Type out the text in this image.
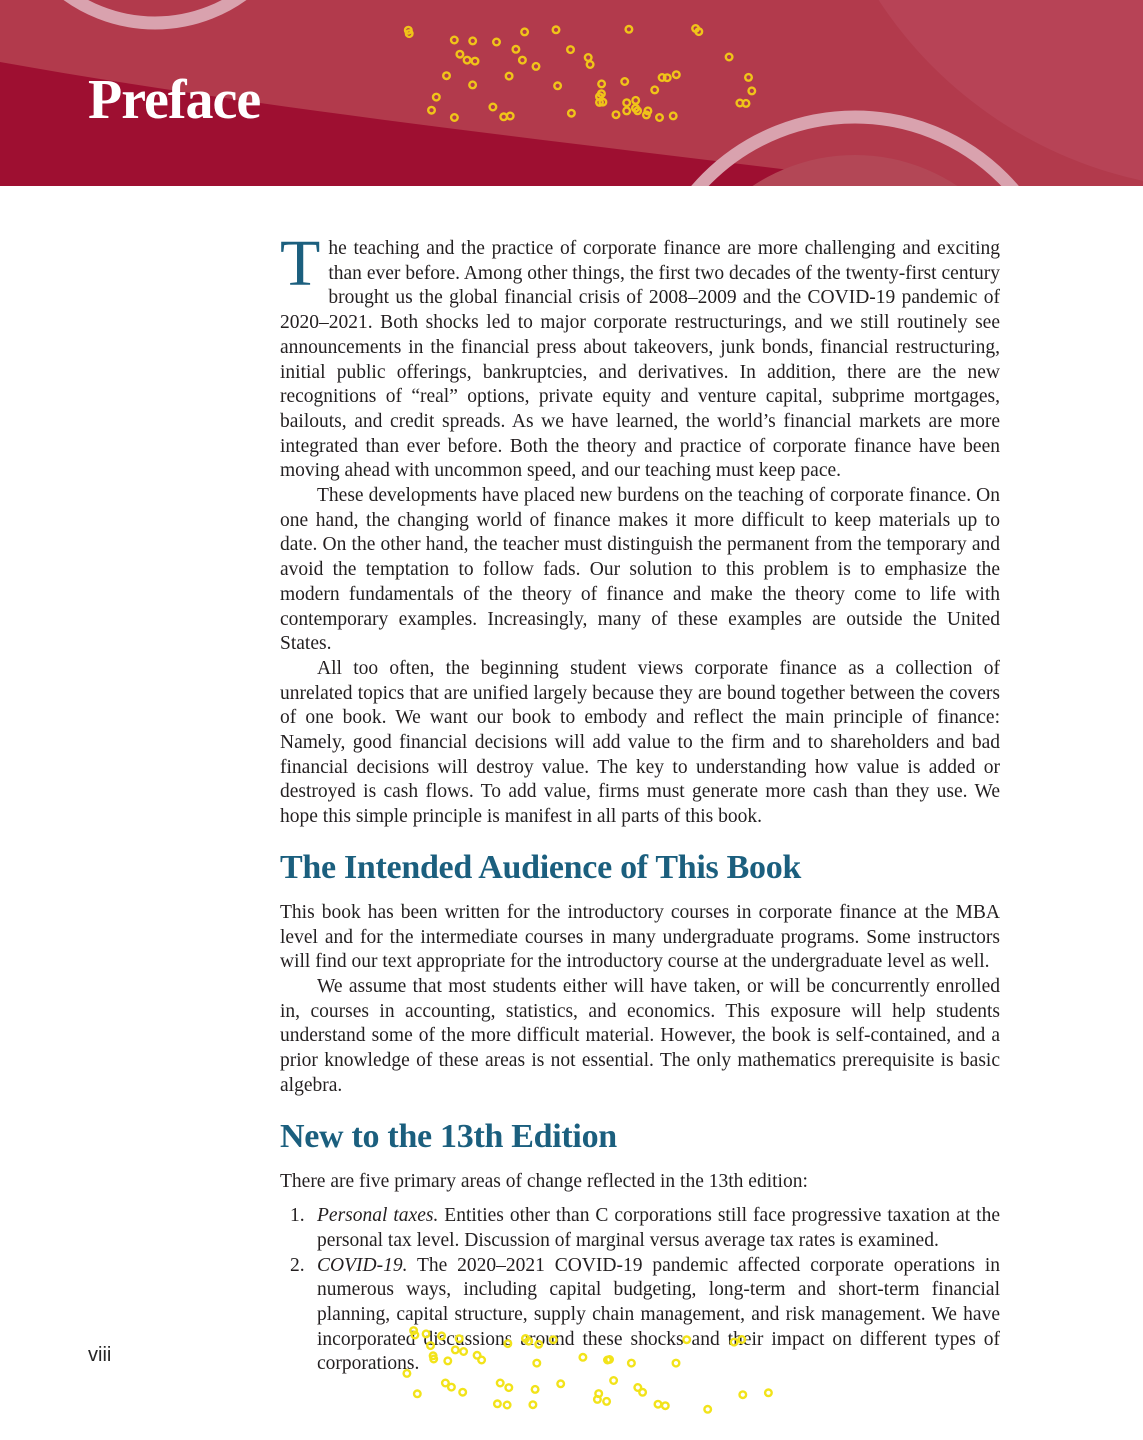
Preface

The teaching and the practice of corporate finance are more challenging and exciting than ever before. Among other things, the first two decades of the twenty-first century brought us the global financial crisis of 2008–2009 and the COVID-19 pandemic of 2020–2021. Both shocks led to major corporate restructurings, and we still routinely see announcements in the financial press about takeovers, junk bonds, financial restructuring, initial public offerings, bankruptcies, and derivatives. In addition, there are the new recognitions of “real” options, private equity and venture capital, subprime mortgages, bailouts, and credit spreads. As we have learned, the world’s financial markets are more integrated than ever before. Both the theory and practice of corporate finance have been moving ahead with uncommon speed, and our teaching must keep pace.

These developments have placed new burdens on the teaching of corporate finance. On one hand, the changing world of finance makes it more difficult to keep materials up to date. On the other hand, the teacher must distinguish the permanent from the temporary and avoid the temptation to follow fads. Our solution to this problem is to emphasize the modern fundamentals of the theory of finance and make the theory come to life with contemporary examples. Increasingly, many of these examples are outside the United States.

All too often, the beginning student views corporate finance as a collection of unrelated topics that are unified largely because they are bound together between the covers of one book. We want our book to embody and reflect the main principle of finance: Namely, good financial decisions will add value to the firm and to shareholders and bad financial decisions will destroy value. The key to understanding how value is added or destroyed is cash flows. To add value, firms must generate more cash than they use. We hope this simple principle is manifest in all parts of this book.

The Intended Audience of This Book

This book has been written for the introductory courses in corporate finance at the MBA level and for the intermediate courses in many undergraduate programs. Some instructors will find our text appropriate for the introductory course at the undergraduate level as well.

We assume that most students either will have taken, or will be concurrently enrolled in, courses in accounting, statistics, and economics. This exposure will help students understand some of the more difficult material. However, the book is self-contained, and a prior knowledge of these areas is not essential. The only mathematics prerequisite is basic algebra.

New to the 13th Edition

There are five primary areas of change reflected in the 13th edition:

1. Personal taxes. Entities other than C corporations still face progressive taxation at the personal tax level. Discussion of marginal versus average tax rates is examined.
2. COVID-19. The 2020–2021 COVID-19 pandemic affected corporate operations in numerous ways, including capital budgeting, long-term and short-term financial planning, capital structure, supply chain management, and risk management. We have incorporated discussions around these shocks and their impact on different types of corporations.
viii
